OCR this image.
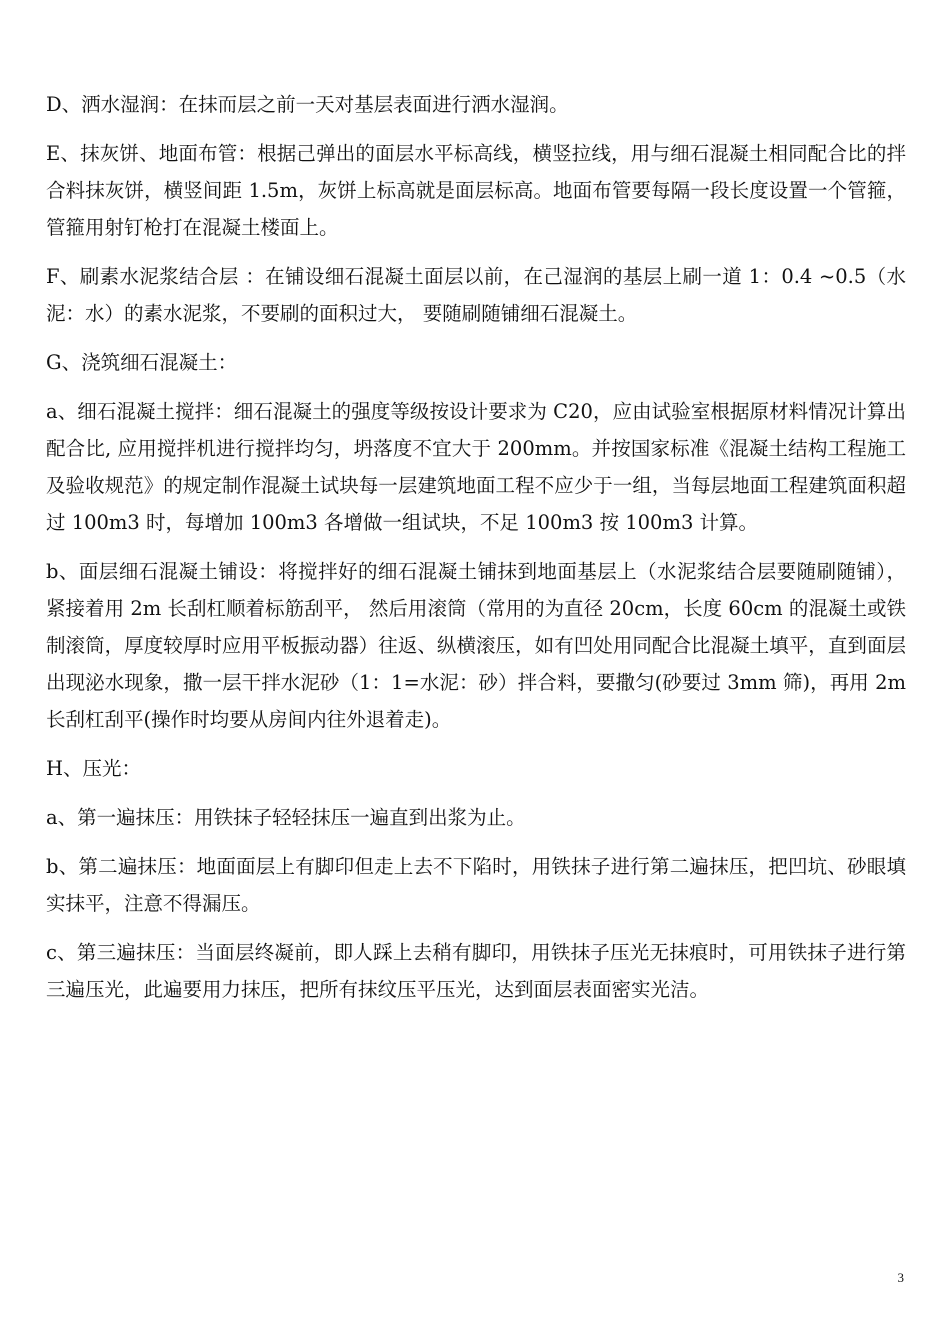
D、洒水湿润：在抹而层之前一天对基层表面进行洒水湿润。

E、抹灰饼、地面布管：根据己弹出的面层水平标高线，横竖拉线，用与细石混凝土相同配合比的拌合料抹灰饼，横竖间距 1.5m，灰饼上标高就是面层标高。地面布管要每隔一段长度设置一个管箍，管箍用射钉枪打在混凝土楼面上。

F、刷素水泥浆结合层 ：在铺设细石混凝土面层以前，在己湿润的基层上刷一道 1：0.4 ~0.5（水泥：水）的素水泥浆，不要刷的面积过大， 要随刷随铺细石混凝土。

G、浇筑细石混凝土：

a、细石混凝土搅拌：细石混凝土的强度等级按设计要求为 C20，应由试验室根据原材料情况计算出配合比, 应用搅拌机进行搅拌均匀，坍落度不宜大于 200mm。并按国家标准《混凝土结构工程施工及验收规范》的规定制作混凝土试块每一层建筑地面工程不应少于一组，当每层地面工程建筑面积超过 100m3 时，每增加 100m3 各增做一组试块，不足 100m3 按 100m3 计算。

b、面层细石混凝土铺设：将搅拌好的细石混凝土铺抹到地面基层上（水泥浆结合层要随刷随铺），紧接着用 2m 长刮杠顺着标筋刮平， 然后用滚筒（常用的为直径 20cm，长度 60cm 的混凝土或铁制滚筒，厚度较厚时应用平板振动器）往返、纵横滚压，如有凹处用同配合比混凝土填平，直到面层出现泌水现象，撒一层干拌水泥砂（1：1=水泥：砂）拌合料，要撒匀(砂要过 3mm 筛)，再用 2m 长刮杠刮平(操作时均要从房间内往外退着走)。

H、压光：

a、第一遍抹压：用铁抹子轻轻抹压一遍直到出浆为止。

b、第二遍抹压：地面面层上有脚印但走上去不下陷时，用铁抹子进行第二遍抹压，把凹坑、砂眼填实抹平，注意不得漏压。

c、第三遍抹压：当面层终凝前，即人踩上去稍有脚印，用铁抹子压光无抹痕时，可用铁抹子进行第三遍压光，此遍要用力抹压，把所有抹纹压平压光，达到面层表面密实光洁。

3
